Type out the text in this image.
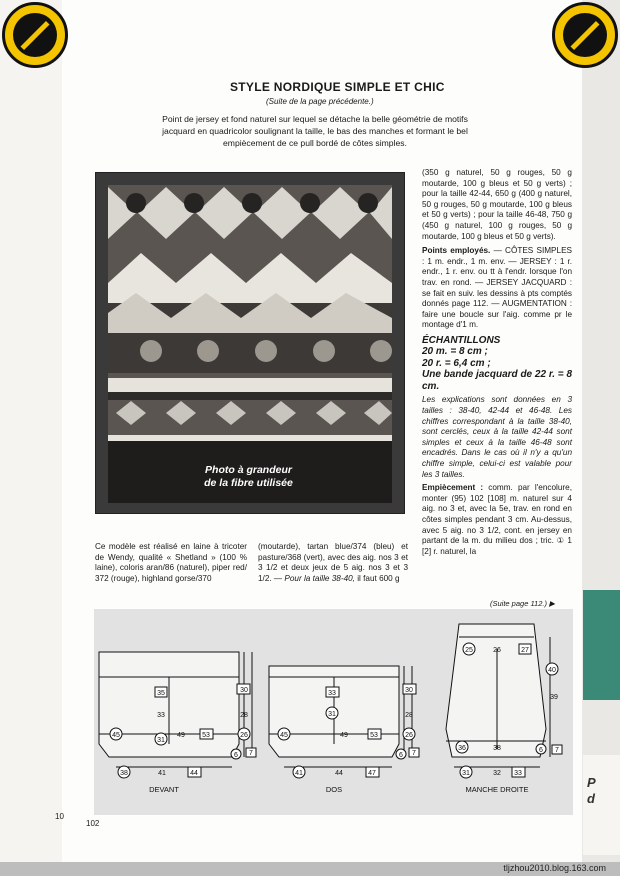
P
d
STYLE NORDIQUE SIMPLE ET CHIC
(Suite de la page précédente.)
Point de jersey et fond naturel sur lequel se détache la belle géométrie de motifs jacquard en quadricolor soulignant la taille, le bas des manches et formant le bel empiècement de ce pull bordé de côtes simples.
Photo à grandeur
de la fibre utilisée

Ce modèle est réalisé en laine à tricoter de Wendy, qualité « Shetland » (100 % laine), coloris aran/86 (naturel), piper red/ 372 (rouge), highland gorse/370

(moutarde), tartan blue/374 (bleu) et pasture/368 (vert), avec des aig. nos 3 et 3 1/2 et deux jeux de 5 aig. nos 3 et 3 1/2. — Pour la taille 38-40, il faut 600 g

(350 g naturel, 50 g rouges, 50 g moutarde, 100 g bleus et 50 g verts) ; pour la taille 42-44, 650 g (400 g naturel, 50 g rouges, 50 g moutarde, 100 g bleus et 50 g verts) ; pour la taille 46-48, 750 g (450 g naturel, 100 g rouges, 50 g moutarde, 100 g bleus et 50 g verts).

Points employés. — CÔTES SIMPLES : 1 m. endr., 1 m. env. — JERSEY : 1 r. endr., 1 r. env. ou tt à l'endr. lorsque l'on trav. en rond. — JERSEY JACQUARD : se fait en suiv. les dessins à pts comptés donnés page 112. — AUGMENTATION : faire une boucle sur l'aig. comme pr le montage d'1 m.

ÉCHANTILLONS

20 m. = 8 cm ;

20 r. = 6,4 cm ;

Une bande jacquard de 22 r. = 8 cm.

Les explications sont données en 3 tailles : 38-40, 42-44 et 46-48. Les chiffres correspondant à la taille 38-40, sont cerclés, ceux à la taille 42-44 sont simples et ceux à la taille 46-48 sont encadrés. Dans le cas où il n'y a qu'un chiffre simple, celui-ci est valable pour les 3 tailles.

Empiècement : comm. par l'encolure, monter (95) 102 [108] m. naturel sur 4 aig. no 3 et, avec la 5e, trav. en rond en côtes simples pendant 3 cm. Au-dessus, avec 5 aig. no 3 1/2, cont. en jersey en partant de la m. du milieu dos ; tric. ① 1 [2] r. naturel, la

(Suite page 112.) ▶
35
33
31
45	49 53
38	41	44
30
28
26
6 7
DEVANT
33
31
45	49	53
41	44	47
30
28
26
6 7
DOS
25	26	27
36	38
31	32 33
40
39
6 7
MANCHE DROITE
10
102
tljzhou2010.blog.163.com
